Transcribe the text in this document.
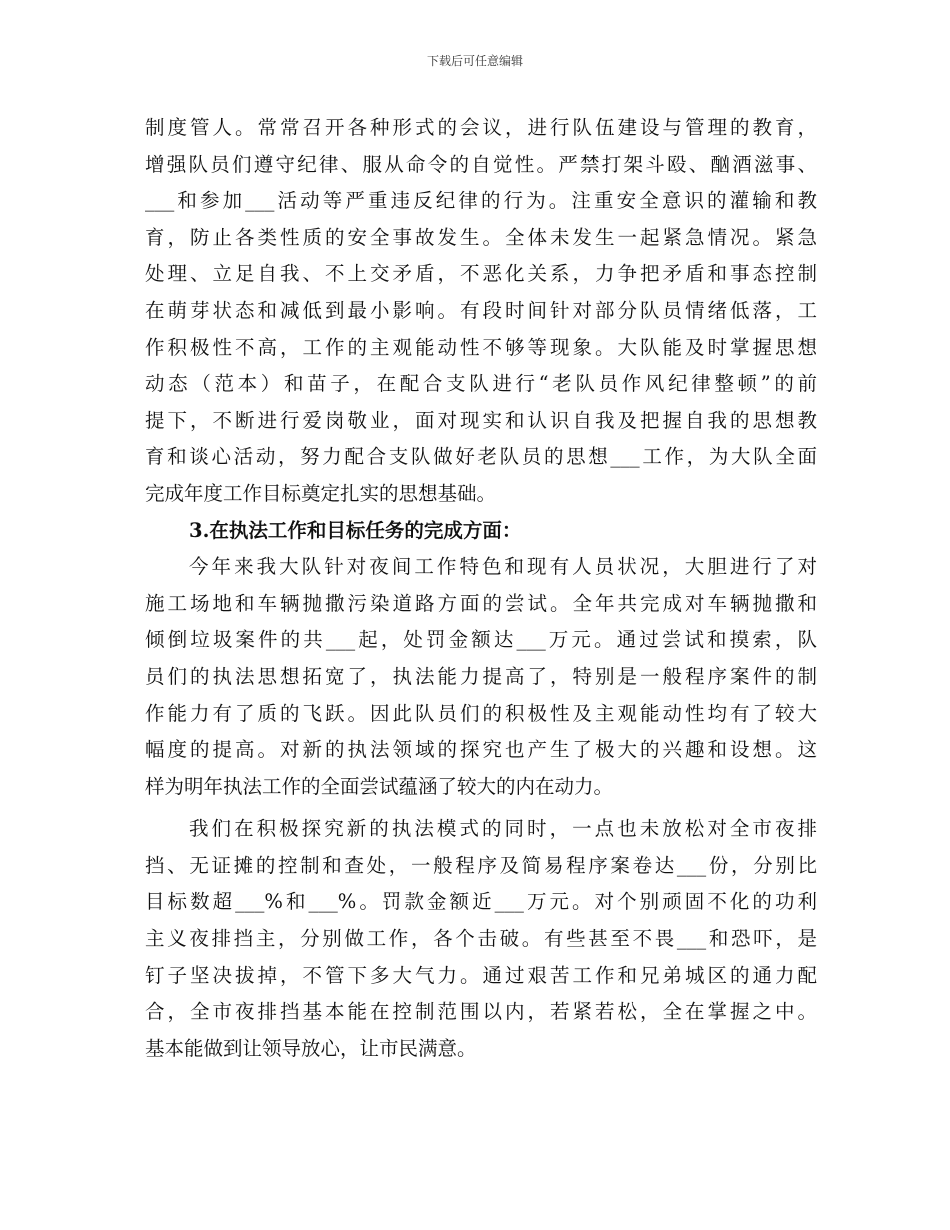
下载后可任意编辑
制度管人。常常召开各种形式的会议，进行队伍建设与管理的教育，
增强队员们遵守纪律、服从命令的自觉性。严禁打架斗殴、酗酒滋事、
___和参加___活动等严重违反纪律的行为。注重安全意识的灌输和教
育，防止各类性质的安全事故发生。全体未发生一起紧急情况。紧急
处理、立足自我、不上交矛盾，不恶化关系，力争把矛盾和事态控制
在萌芽状态和减低到最小影响。有段时间针对部分队员情绪低落，工
作积极性不高，工作的主观能动性不够等现象。大队能及时掌握思想
动态（范本）和苗子，在配合支队进行“老队员作风纪律整顿”的前
提下，不断进行爱岗敬业，面对现实和认识自我及把握自我的思想教
育和谈心活动，努力配合支队做好老队员的思想___工作，为大队全面
完成年度工作目标奠定扎实的思想基础。
3.在执法工作和目标任务的完成方面：
今年来我大队针对夜间工作特色和现有人员状况，大胆进行了对
施工场地和车辆抛撒污染道路方面的尝试。全年共完成对车辆抛撒和
倾倒垃圾案件的共___起，处罚金额达___万元。通过尝试和摸索，队
员们的执法思想拓宽了，执法能力提高了，特别是一般程序案件的制
作能力有了质的飞跃。因此队员们的积极性及主观能动性均有了较大
幅度的提高。对新的执法领域的探究也产生了极大的兴趣和设想。这
样为明年执法工作的全面尝试蕴涵了较大的内在动力。
我们在积极探究新的执法模式的同时，一点也未放松对全市夜排
挡、无证摊的控制和查处，一般程序及简易程序案卷达___份，分别比
目标数超___%和___%。罚款金额近___万元。对个别顽固不化的功利
主义夜排挡主，分别做工作，各个击破。有些甚至不畏___和恐吓，是
钉子坚决拔掉，不管下多大气力。通过艰苦工作和兄弟城区的通力配
合，全市夜排挡基本能在控制范围以内，若紧若松，全在掌握之中。
基本能做到让领导放心，让市民满意。
